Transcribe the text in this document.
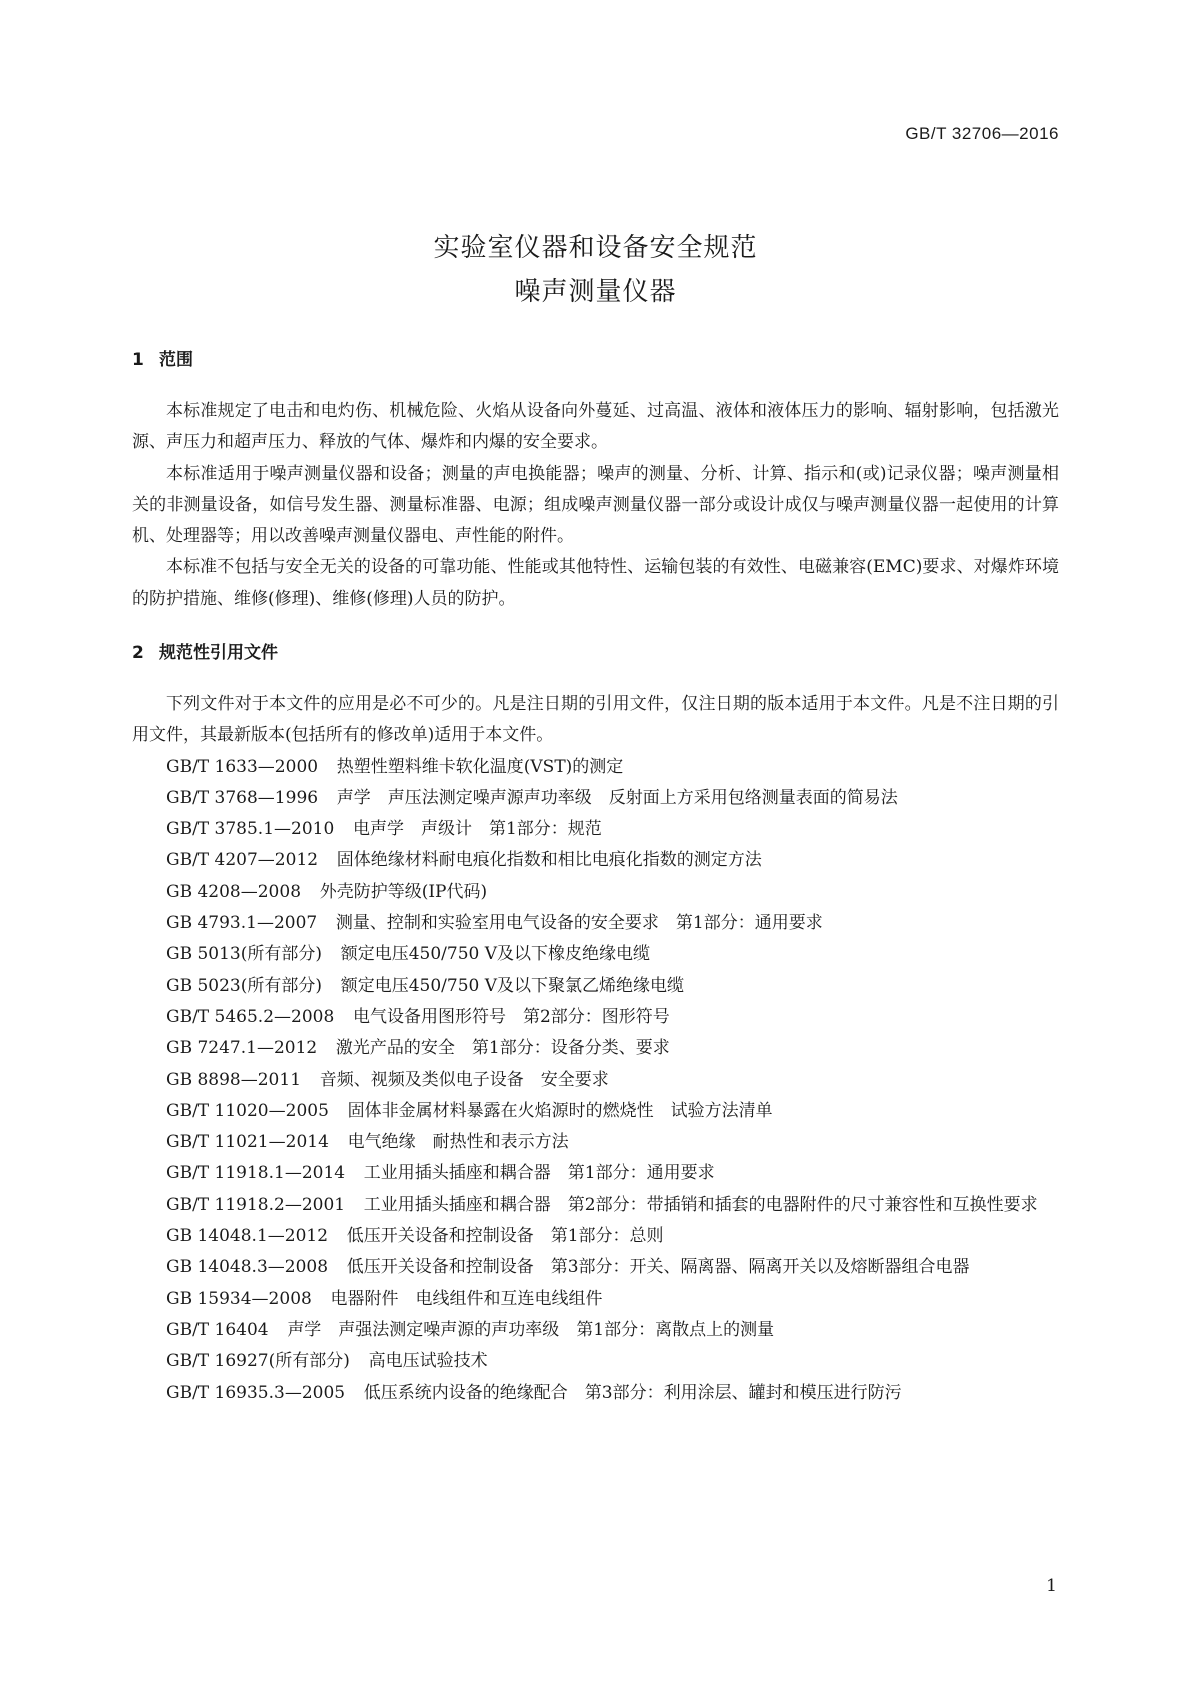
GB/T 32706—2016
实验室仪器和设备安全规范
噪声测量仪器
1 范围

本标准规定了电击和电灼伤、机械危险、火焰从设备向外蔓延、过高温、液体和液体压力的影响、辐射影响，包括激光源、声压力和超声压力、释放的气体、爆炸和内爆的安全要求。

本标准适用于噪声测量仪器和设备；测量的声电换能器；噪声的测量、分析、计算、指示和(或)记录仪器；噪声测量相关的非测量设备，如信号发生器、测量标准器、电源；组成噪声测量仪器一部分或设计成仅与噪声测量仪器一起使用的计算机、处理器等；用以改善噪声测量仪器电、声性能的附件。

本标准不包括与安全无关的设备的可靠功能、性能或其他特性、运输包装的有效性、电磁兼容(EMC)要求、对爆炸环境的防护措施、维修(修理)、维修(修理)人员的防护。

2 规范性引用文件

下列文件对于本文件的应用是必不可少的。凡是注日期的引用文件，仅注日期的版本适用于本文件。凡是不注日期的引用文件，其最新版本(包括所有的修改单)适用于本文件。

GB/T 1633—2000 热塑性塑料维卡软化温度(VST)的测定
GB/T 3768—1996 声学　声压法测定噪声源声功率级　反射面上方采用包络测量表面的简易法
GB/T 3785.1—2010 电声学　声级计　第1部分：规范
GB/T 4207—2012 固体绝缘材料耐电痕化指数和相比电痕化指数的测定方法
GB 4208—2008 外壳防护等级(IP代码)
GB 4793.1—2007 测量、控制和实验室用电气设备的安全要求　第1部分：通用要求
GB 5013(所有部分) 额定电压450/750 V及以下橡皮绝缘电缆
GB 5023(所有部分) 额定电压450/750 V及以下聚氯乙烯绝缘电缆
GB/T 5465.2—2008 电气设备用图形符号　第2部分：图形符号
GB 7247.1—2012 激光产品的安全　第1部分：设备分类、要求
GB 8898—2011 音频、视频及类似电子设备　安全要求
GB/T 11020—2005 固体非金属材料暴露在火焰源时的燃烧性　试验方法清单
GB/T 11021—2014 电气绝缘　耐热性和表示方法
GB/T 11918.1—2014 工业用插头插座和耦合器　第1部分：通用要求
GB/T 11918.2—2001 工业用插头插座和耦合器　第2部分：带插销和插套的电器附件的尺寸兼容性和互换性要求
GB 14048.1—2012 低压开关设备和控制设备　第1部分：总则
GB 14048.3—2008 低压开关设备和控制设备　第3部分：开关、隔离器、隔离开关以及熔断器组合电器
GB 15934—2008 电器附件　电线组件和互连电线组件
GB/T 16404 声学　声强法测定噪声源的声功率级　第1部分：离散点上的测量
GB/T 16927(所有部分) 高电压试验技术
GB/T 16935.3—2005 低压系统内设备的绝缘配合　第3部分：利用涂层、罐封和模压进行防污
1
